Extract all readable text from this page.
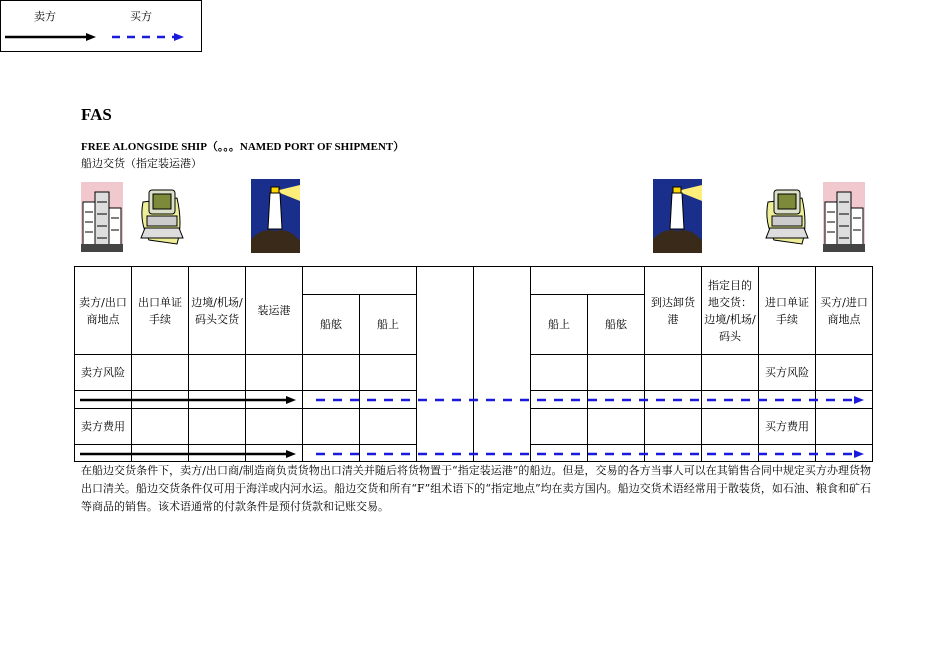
FAS
FREE ALONGSIDE SHIP（。。。NAMED PORT OF SHIPMENT）
船边交货（指定装运港）
卖方	买方
卖方/出口商地点	出口单证手续	边境/机场/码头交货	装运港							到达卸货港	指定目的地交货：边境/机场/码头	进口单证手续	买方/进口商地点
				船舷	船上			船上	船舷				
卖方风险												买方风险	

卖方费用												买方费用	

在船边交货条件下，卖方/出口商/制造商负责货物出口清关并随后将货物置于“指定装运港”的船边。但是，交易的各方当事人可以在其销售合同中规定买方办理货物出口清关。船边交货条件仅可用于海洋或内河水运。船边交货和所有“F”组术语下的“指定地点”均在卖方国内。船边交货术语经常用于散装货，如石油、粮食和矿石等商品的销售。该术语通常的付款条件是预付货款和记账交易。
